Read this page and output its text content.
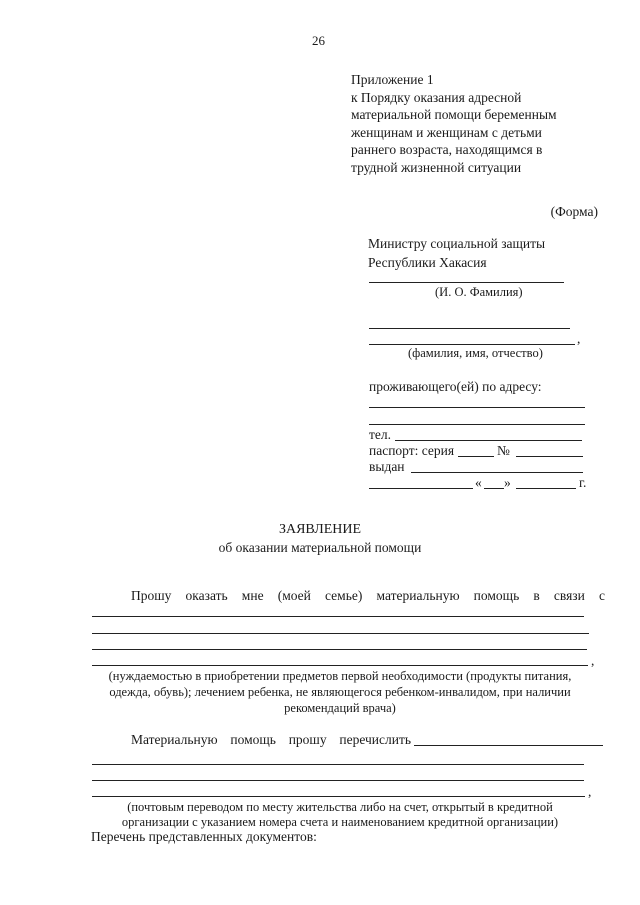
26
Приложение 1
к Порядку оказания адресной
материальной помощи беременным
женщинам и женщинам с детьми
раннего возраста, находящимся в
трудной жизненной ситуации
(Форма)
Министру социальной защиты
Республики Хакасия
(И. О. Фамилия)
,
(фамилия, имя, отчество)
проживающего(ей) по адресу:
тел.
паспорт: серия	№
выдан
« »	г.
ЗАЯВЛЕНИЕ
об оказании материальной помощи
Прошу оказать мне (моей семье) материальную помощь в связи с
,
(нуждаемостью в приобретении предметов первой необходимости (продукты питания,
одежда, обувь); лечением ребенка, не являющегося ребенком-инвалидом, при наличии
рекомендаций врача)
Материальную помощь прошу перечислить
,
(почтовым переводом по месту жительства либо на счет, открытый в кредитной
организации с указанием номера счета и наименованием кредитной организации)
Перечень представленных документов:
